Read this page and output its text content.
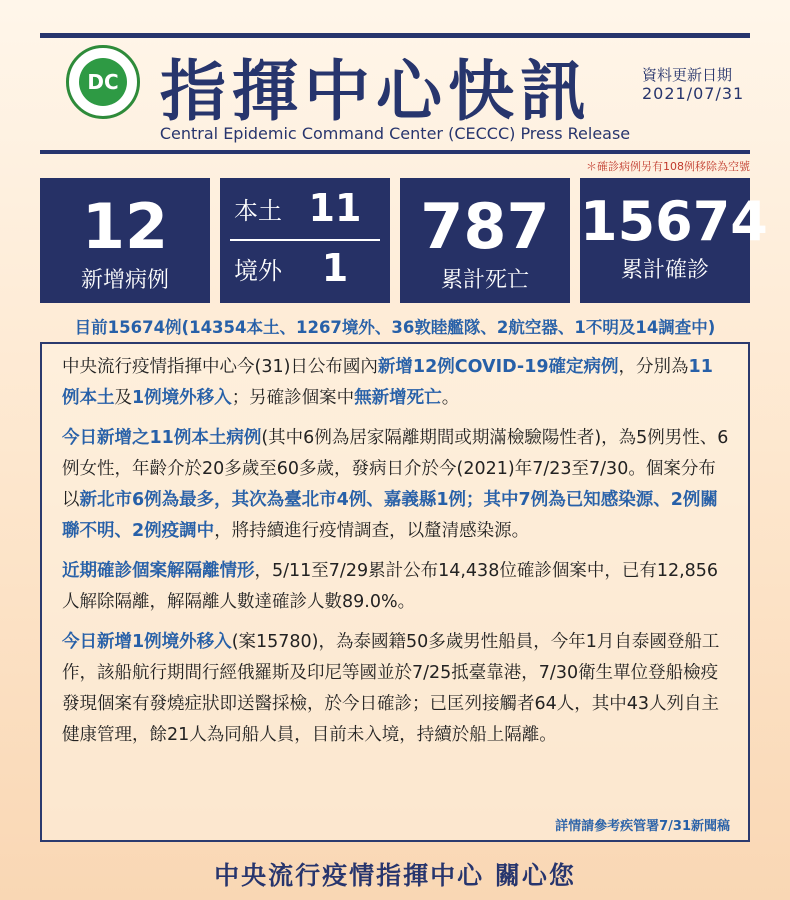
DC 指揮中心快訊	資料更新日期
2021/07/31
Central Epidemic Command Center (CECCC) Press Release
＊確診病例另有108例移除為空號
12
新增病例
本土 11
境外	1
787
累計死亡
15674
累計確診
目前15674例(14354本土、1267境外、36敦睦艦隊、2航空器、1不明及14調查中)

中央流行疫情指揮中心今(31)日公布國內新增12例COVID-19確定病例，分別為11例本土及1例境外移入；另確診個案中無新增死亡。

今日新增之11例本土病例(其中6例為居家隔離期間或期滿檢驗陽性者)，為5例男性、6例女性，年齡介於20多歲至60多歲，發病日介於今(2021)年7/23至7/30。個案分布以新北市6例為最多，其次為臺北市4例、嘉義縣1例；其中7例為已知感染源、2例關聯不明、2例疫調中，將持續進行疫情調查，以釐清感染源。

近期確診個案解隔離情形，5/11至7/29累計公布14,438位確診個案中，已有12,856人解除隔離，解隔離人數達確診人數89.0%。

今日新增1例境外移入(案15780)，為泰國籍50多歲男性船員，今年1月自泰國登船工作，該船航行期間行經俄羅斯及印尼等國並於7/25抵臺靠港，7/30衛生單位登船檢疫發現個案有發燒症狀即送醫採檢，於今日確診；已匡列接觸者64人，其中43人列自主健康管理，餘21人為同船人員，目前未入境，持續於船上隔離。

詳情請參考疾管署7/31新聞稿
中央流行疫情指揮中心 關心您
